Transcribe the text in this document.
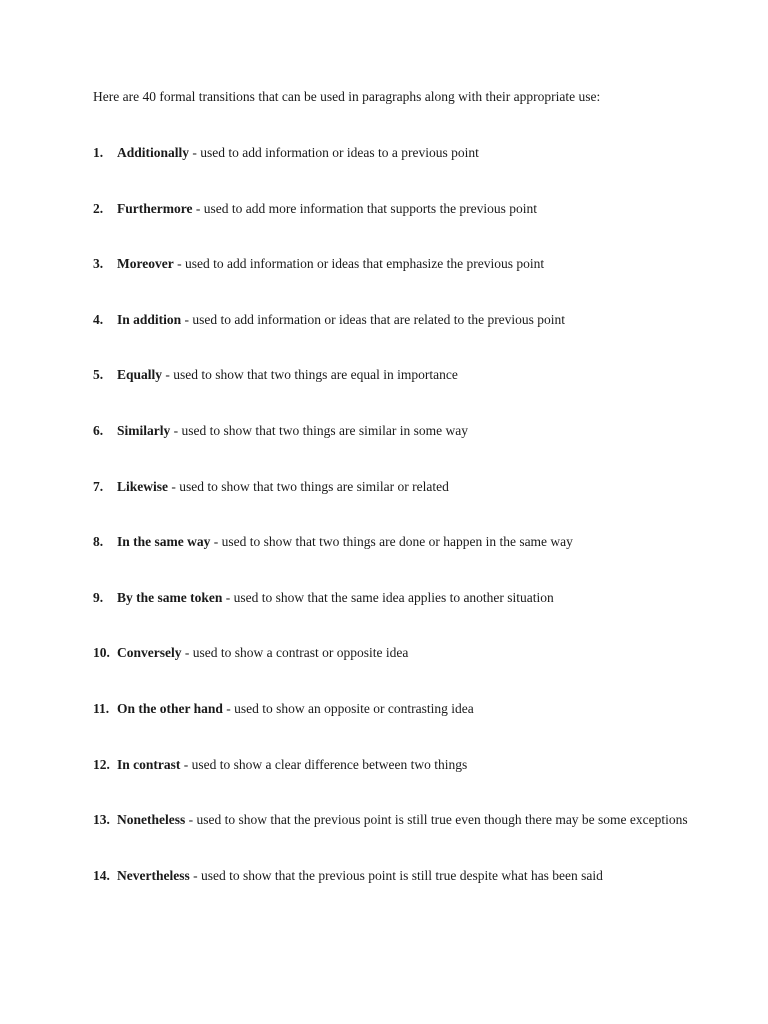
Here are 40 formal transitions that can be used in paragraphs along with their appropriate use:
1. Additionally - used to add information or ideas to a previous point
2. Furthermore - used to add more information that supports the previous point
3. Moreover - used to add information or ideas that emphasize the previous point
4. In addition - used to add information or ideas that are related to the previous point
5. Equally - used to show that two things are equal in importance
6. Similarly - used to show that two things are similar in some way
7. Likewise - used to show that two things are similar or related
8. In the same way - used to show that two things are done or happen in the same way
9. By the same token - used to show that the same idea applies to another situation
10. Conversely - used to show a contrast or opposite idea
11. On the other hand - used to show an opposite or contrasting idea
12. In contrast - used to show a clear difference between two things
13. Nonetheless - used to show that the previous point is still true even though there may be some exceptions
14. Nevertheless - used to show that the previous point is still true despite what has been said
